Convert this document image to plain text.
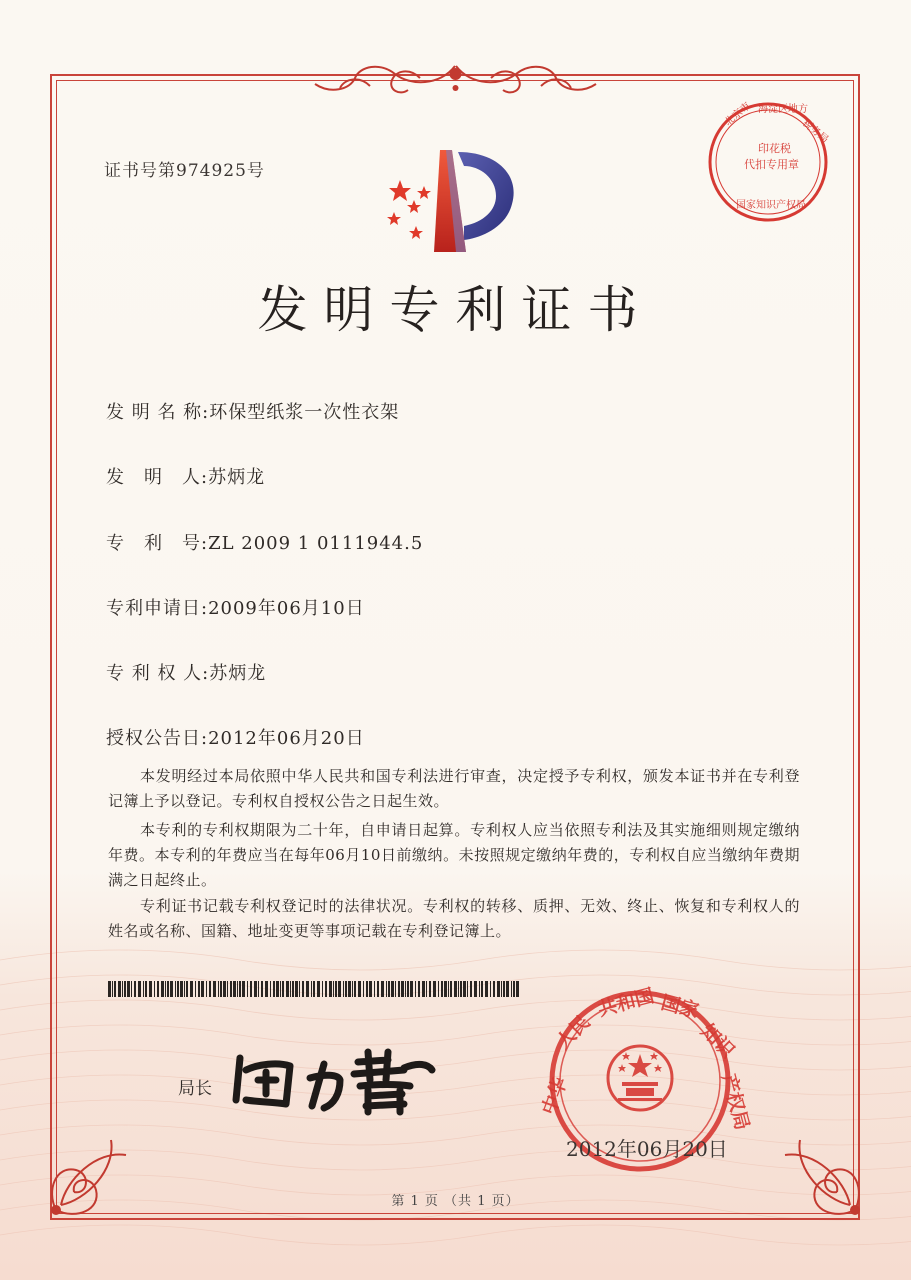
证书号第974925号
印花税
代扣专用章
北京市 海淀区地方
税务局
国家知识产权局
发明专利证书
发 明 名 称:环保型纸浆一次性衣架
发　明　人:苏炳龙
专　利　号:ZL 2009 1 0111944.5
专利申请日:2009年06月10日
专 利 权 人:苏炳龙
授权公告日:2012年06月20日
本发明经过本局依照中华人民共和国专利法进行审查，决定授予专利权，颁发本证书并在专利登记簿上予以登记。专利权自授权公告之日起生效。
本专利的专利权期限为二十年，自申请日起算。专利权人应当依照专利法及其实施细则规定缴纳年费。本专利的年费应当在每年06月10日前缴纳。未按照规定缴纳年费的，专利权自应当缴纳年费期满之日起终止。
专利证书记载专利权登记时的法律状况。专利权的转移、质押、无效、终止、恢复和专利权人的姓名或名称、国籍、地址变更等事项记载在专利登记簿上。
中华
人民
共和国 国家
知识
产权局
2012年06月20日
局长
第 1 页 （共 1 页）
